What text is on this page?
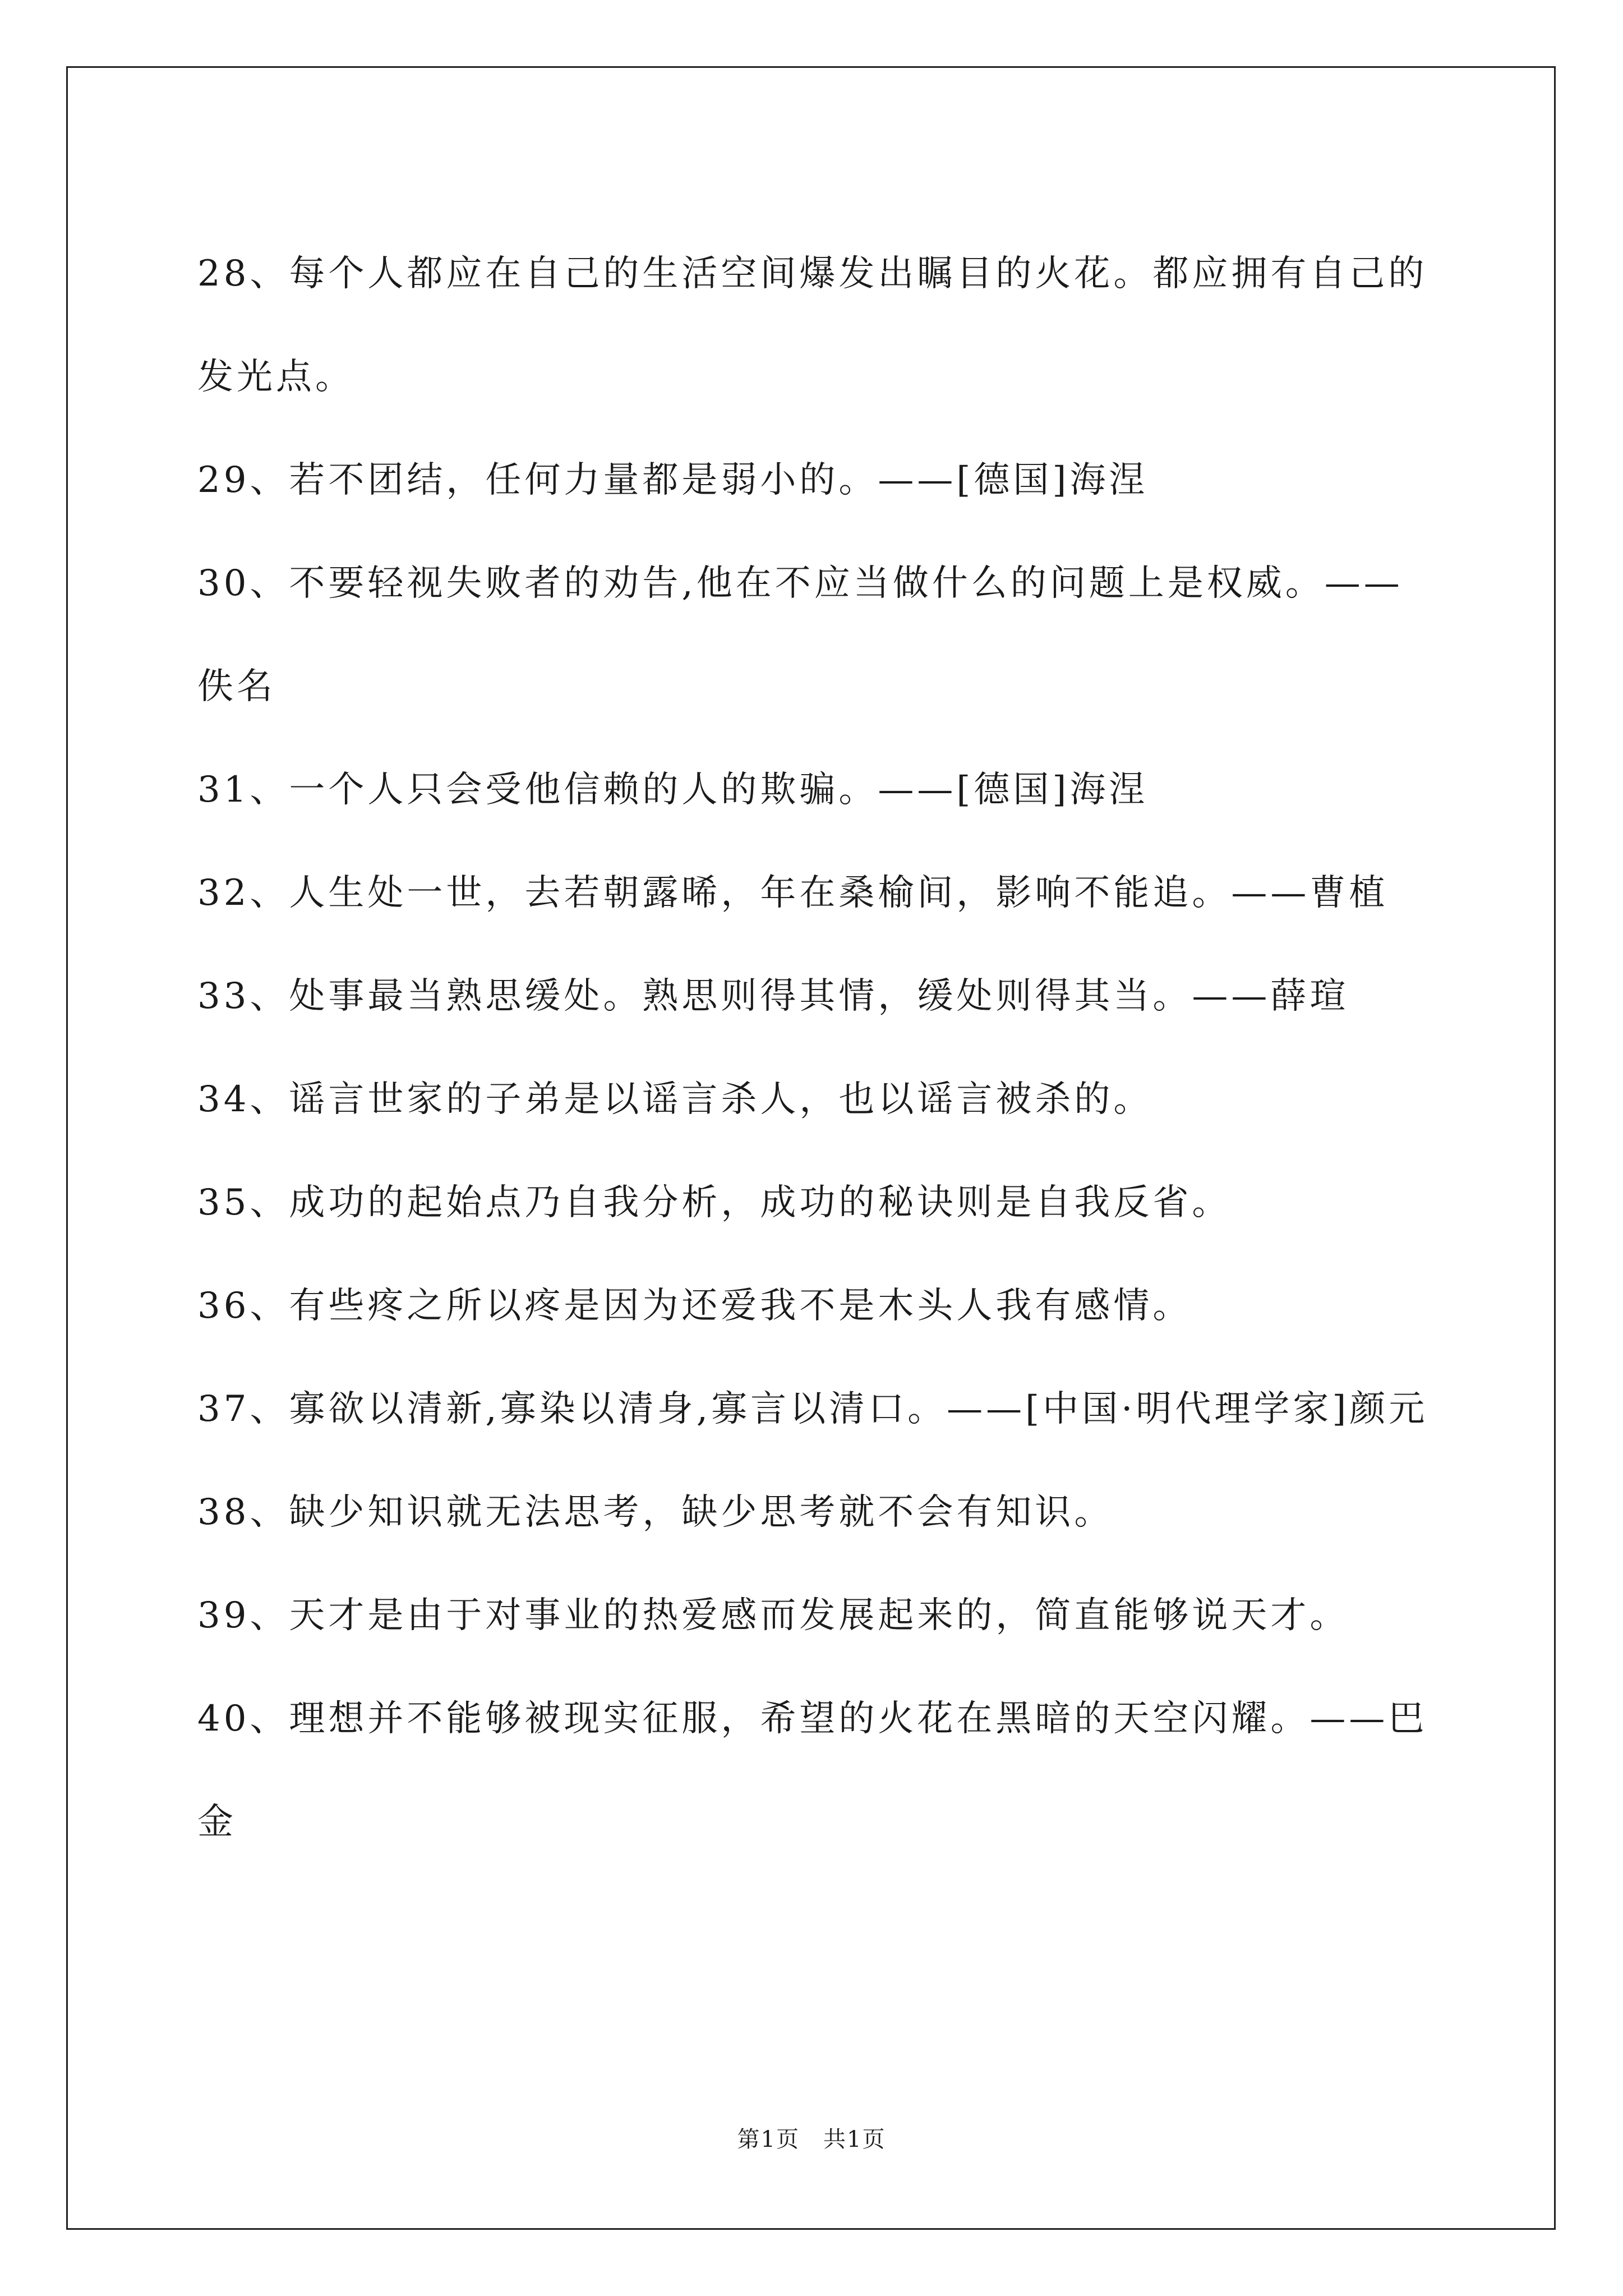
28、每个人都应在自己的生活空间爆发出瞩目的火花。都应拥有自己的发光点。

29、若不团结，任何力量都是弱小的。——[德国]海涅

30、不要轻视失败者的劝告,他在不应当做什么的问题上是权威。——佚名

31、一个人只会受他信赖的人的欺骗。——[德国]海涅

32、人生处一世，去若朝露晞，年在桑榆间，影响不能追。——曹植

33、处事最当熟思缓处。熟思则得其情，缓处则得其当。——薛瑄

34、谣言世家的子弟是以谣言杀人，也以谣言被杀的。

35、成功的起始点乃自我分析，成功的秘诀则是自我反省。

36、有些疼之所以疼是因为还爱我不是木头人我有感情。

37、寡欲以清新,寡染以清身,寡言以清口。——[中国·明代理学家]颜元

38、缺少知识就无法思考，缺少思考就不会有知识。

39、天才是由于对事业的热爱感而发展起来的，简直能够说天才。

40、理想并不能够被现实征服，希望的火花在黑暗的天空闪耀。——巴金

第1页　共1页
